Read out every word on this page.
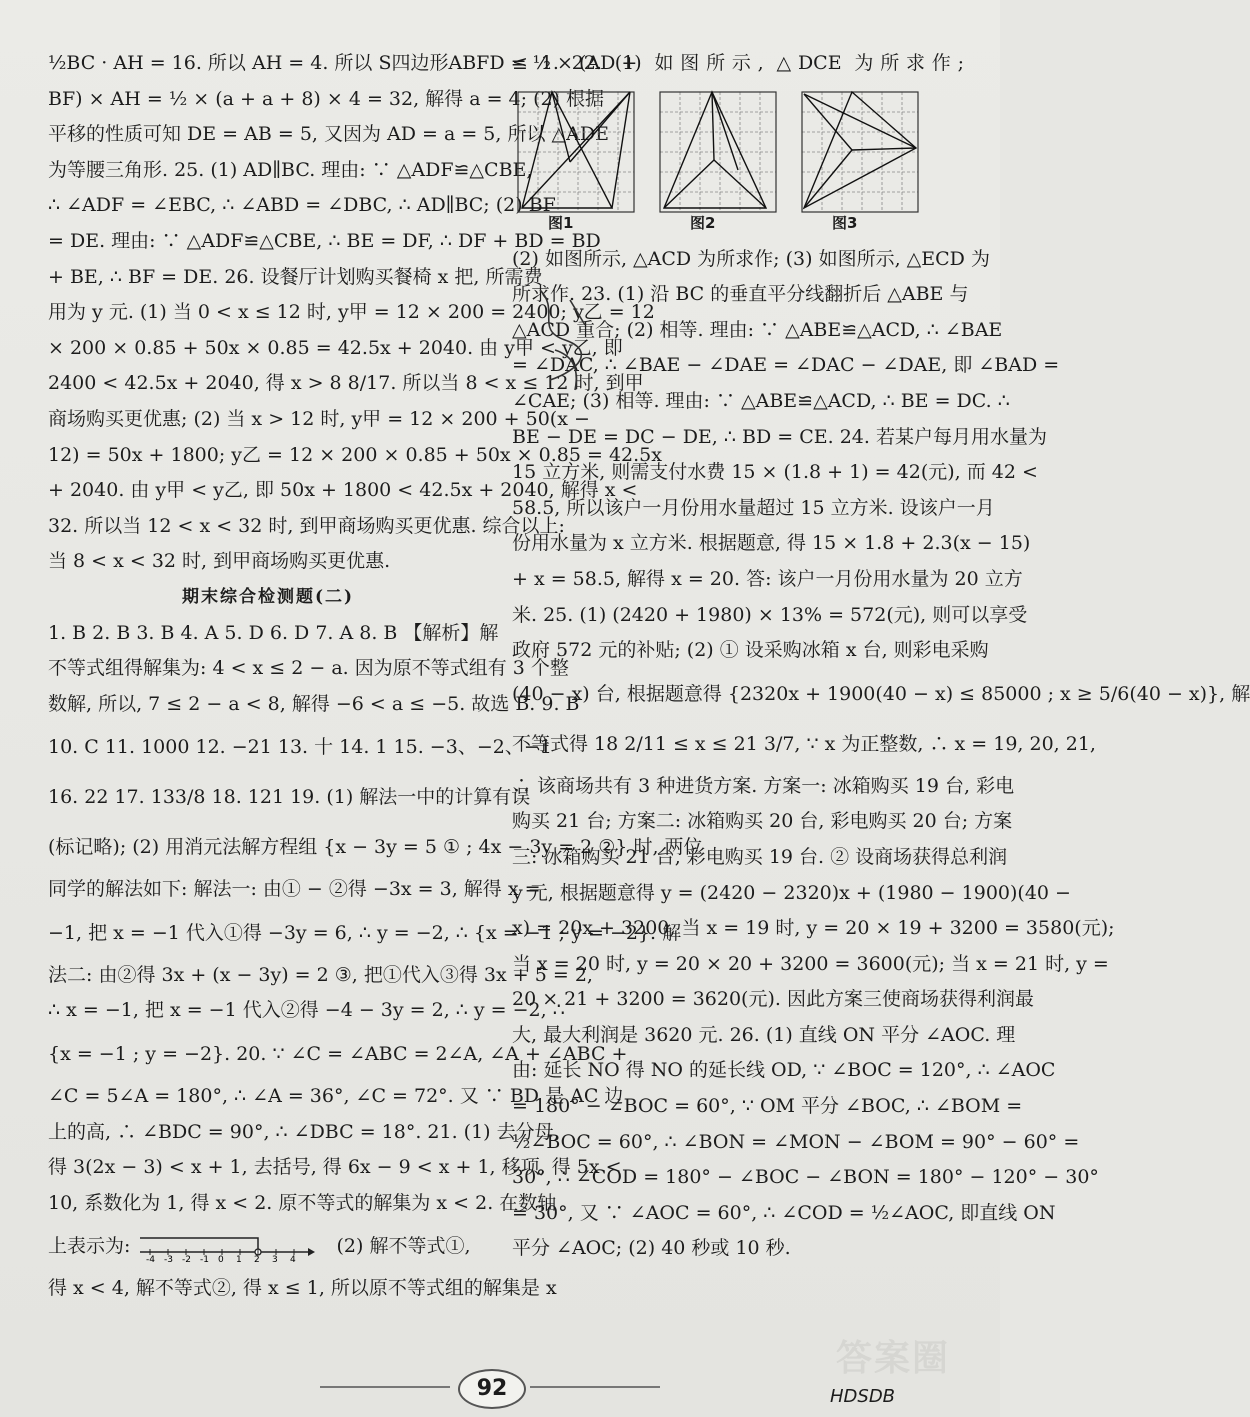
½BC · AH = 16. 所以 AH = 4. 所以 S四边形ABFD = ½ × (AD +

BF) × AH = ½ × (a + a + 8) × 4 = 32, 解得 a = 4; (2) 根据

平移的性质可知 DE = AB = 5, 又因为 AD = a = 5, 所以 △ADE

为等腰三角形. 25. (1) AD∥BC. 理由: ∵ △ADF≌△CBE,

∴ ∠ADF = ∠EBC, ∴ ∠ABD = ∠DBC, ∴ AD∥BC; (2) BF

= DE. 理由: ∵ △ADF≌△CBE, ∴ BE = DF, ∴ DF + BD = BD

+ BE, ∴ BF = DE. 26. 设餐厅计划购买餐椅 x 把, 所需费

用为 y 元. (1) 当 0 < x ≤ 12 时, y甲 = 12 × 200 = 2400; y乙 = 12

× 200 × 0.85 + 50x × 0.85 = 42.5x + 2040. 由 y甲 < y乙, 即

2400 < 42.5x + 2040, 得 x > 8 8/17. 所以当 8 < x ≤ 12 时, 到甲

商场购买更优惠; (2) 当 x > 12 时, y甲 = 12 × 200 + 50(x −

12) = 50x + 1800; y乙 = 12 × 200 × 0.85 + 50x × 0.85 = 42.5x

+ 2040. 由 y甲 < y乙, 即 50x + 1800 < 42.5x + 2040, 解得 x <

32. 所以当 12 < x < 32 时, 到甲商场购买更优惠. 综合以上:

当 8 < x < 32 时, 到甲商场购买更优惠.

期末综合检测题(二)

1. B 2. B 3. B 4. A 5. D 6. D 7. A 8. B 【解析】解

不等式组得解集为: 4 < x ≤ 2 − a. 因为原不等式组有 3 个整

数解, 所以, 7 ≤ 2 − a < 8, 解得 −6 < a ≤ −5. 故选 B. 9. B

10. C 11. 1000 12. −21 13. 十 14. 1 15. −3、−2、−1

16. 22 17. 133/8 18. 121 19. (1) 解法一中的计算有误

(标记略); (2) 用消元法解方程组 {x − 3y = 5 ① ; 4x − 3y = 2 ②} 时, 两位

同学的解法如下: 解法一: 由① − ②得 −3x = 3, 解得 x =

−1, 把 x = −1 代入①得 −3y = 6, ∴ y = −2, ∴ {x = −1 ; y = −2}. 解

法二: 由②得 3x + (x − 3y) = 2 ③, 把①代入③得 3x + 5 = 2,

∴ x = −1, 把 x = −1 代入②得 −4 − 3y = 2, ∴ y = −2, ∴

{x = −1 ; y = −2}. 20. ∵ ∠C = ∠ABC = 2∠A, ∠A + ∠ABC +

∠C = 5∠A = 180°, ∴ ∠A = 36°, ∠C = 72°. 又 ∵ BD 是 AC 边

上的高, ∴ ∠BDC = 90°, ∴ ∠DBC = 18°. 21. (1) 去分母,

得 3(2x − 3) < x + 1, 去括号, 得 6x − 9 < x + 1, 移项, 得 5x <

10, 系数化为 1, 得 x < 2. 原不等式的解集为 x < 2. 在数轴

上表示为:
-4 -3 -2 -1 0 1 2 3 4
(2) 解不等式①,

得 x < 4, 解不等式②, 得 x ≤ 1, 所以原不等式组的解集是 x

≤ 1. 22. (1) 如图所示, △DCE 为所求作;

图1	图2	图3

(2) 如图所示, △ACD 为所求作; (3) 如图所示, △ECD 为

所求作. 23. (1) 沿 BC 的垂直平分线翻折后 △ABE 与

△ACD 重合; (2) 相等. 理由: ∵ △ABE≌△ACD, ∴ ∠BAE

= ∠DAC, ∴ ∠BAE − ∠DAE = ∠DAC − ∠DAE, 即 ∠BAD =

∠CAE; (3) 相等. 理由: ∵ △ABE≌△ACD, ∴ BE = DC. ∴

BE − DE = DC − DE, ∴ BD = CE. 24. 若某户每月用水量为

15 立方米, 则需支付水费 15 × (1.8 + 1) = 42(元), 而 42 <

58.5, 所以该户一月份用水量超过 15 立方米. 设该户一月

份用水量为 x 立方米. 根据题意, 得 15 × 1.8 + 2.3(x − 15)

+ x = 58.5, 解得 x = 20. 答: 该户一月份用水量为 20 立方

米. 25. (1) (2420 + 1980) × 13% = 572(元), 则可以享受

政府 572 元的补贴; (2) ① 设采购冰箱 x 台, 则彩电采购

(40 − x) 台, 根据题意得 {2320x + 1900(40 − x) ≤ 85000 ; x ≥ 5/6(40 − x)}, 解

不等式得 18 2/11 ≤ x ≤ 21 3/7, ∵ x 为正整数, ∴ x = 19, 20, 21,

∴ 该商场共有 3 种进货方案. 方案一: 冰箱购买 19 台, 彩电

购买 21 台; 方案二: 冰箱购买 20 台, 彩电购买 20 台; 方案

三: 冰箱购买 21 台, 彩电购买 19 台. ② 设商场获得总利润

y 元, 根据题意得 y = (2420 − 2320)x + (1980 − 1900)(40 −

x) = 20x + 3200, 当 x = 19 时, y = 20 × 19 + 3200 = 3580(元);

当 x = 20 时, y = 20 × 20 + 3200 = 3600(元); 当 x = 21 时, y =

20 × 21 + 3200 = 3620(元). 因此方案三使商场获得利润最

大, 最大利润是 3620 元. 26. (1) 直线 ON 平分 ∠AOC. 理

由: 延长 NO 得 NO 的延长线 OD, ∵ ∠BOC = 120°, ∴ ∠AOC

= 180° − ∠BOC = 60°, ∵ OM 平分 ∠BOC, ∴ ∠BOM =

½∠BOC = 60°, ∴ ∠BON = ∠MON − ∠BOM = 90° − 60° =

30°, ∴ ∠COD = 180° − ∠BOC − ∠BON = 180° − 120° − 30°

= 30°, 又 ∵ ∠AOC = 60°, ∴ ∠COD = ½∠AOC, 即直线 ON

平分 ∠AOC; (2) 40 秒或 10 秒.

92
答案圈
HDSDB
